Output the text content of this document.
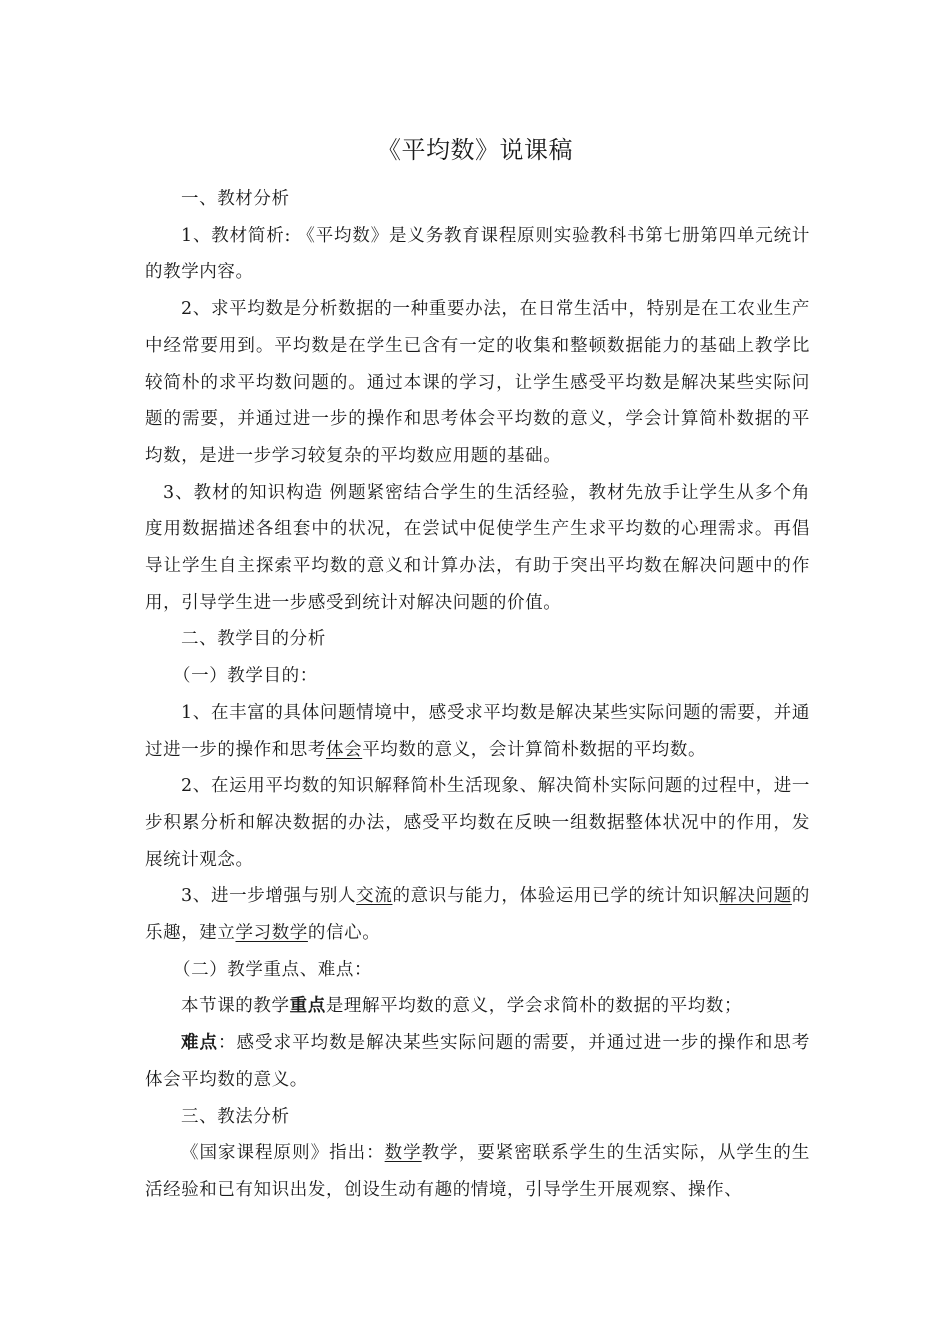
《平均数》说课稿

一、教材分析

1、教材简析: 《平均数》是义务教育课程原则实验教科书第七册第四单元统计的教学内容。

2、求平均数是分析数据的一种重要办法，在日常生活中，特别是在工农业生产中经常要用到。平均数是在学生已含有一定的收集和整顿数据能力的基础上教学比较简朴的求平均数问题的。通过本课的学习，让学生感受平均数是解决某些实际问题的需要，并通过进一步的操作和思考体会平均数的意义，学会计算简朴数据的平均数，是进一步学习较复杂的平均数应用题的基础。

3、教材的知识构造 例题紧密结合学生的生活经验，教材先放手让学生从多个角度用数据描述各组套中的状况，在尝试中促使学生产生求平均数的心理需求。再倡导让学生自主探索平均数的意义和计算办法，有助于突出平均数在解决问题中的作用，引导学生进一步感受到统计对解决问题的价值。

二、教学目的分析

（一）教学目的：

1、在丰富的具体问题情境中，感受求平均数是解决某些实际问题的需要，并通过进一步的操作和思考体会平均数的意义，会计算简朴数据的平均数。

2、在运用平均数的知识解释简朴生活现象、解决简朴实际问题的过程中，进一步积累分析和解决数据的办法，感受平均数在反映一组数据整体状况中的作用，发展统计观念。

3、进一步增强与别人交流的意识与能力，体验运用已学的统计知识解决问题的乐趣，建立学习数学的信心。

（二）教学重点、难点：

本节课的教学重点是理解平均数的意义，学会求简朴的数据的平均数；

难点：感受求平均数是解决某些实际问题的需要，并通过进一步的操作和思考体会平均数的意义。

三、教法分析

《国家课程原则》指出：数学教学，要紧密联系学生的生活实际，从学生的生活经验和已有知识出发，创设生动有趣的情境，引导学生开展观察、操作、
